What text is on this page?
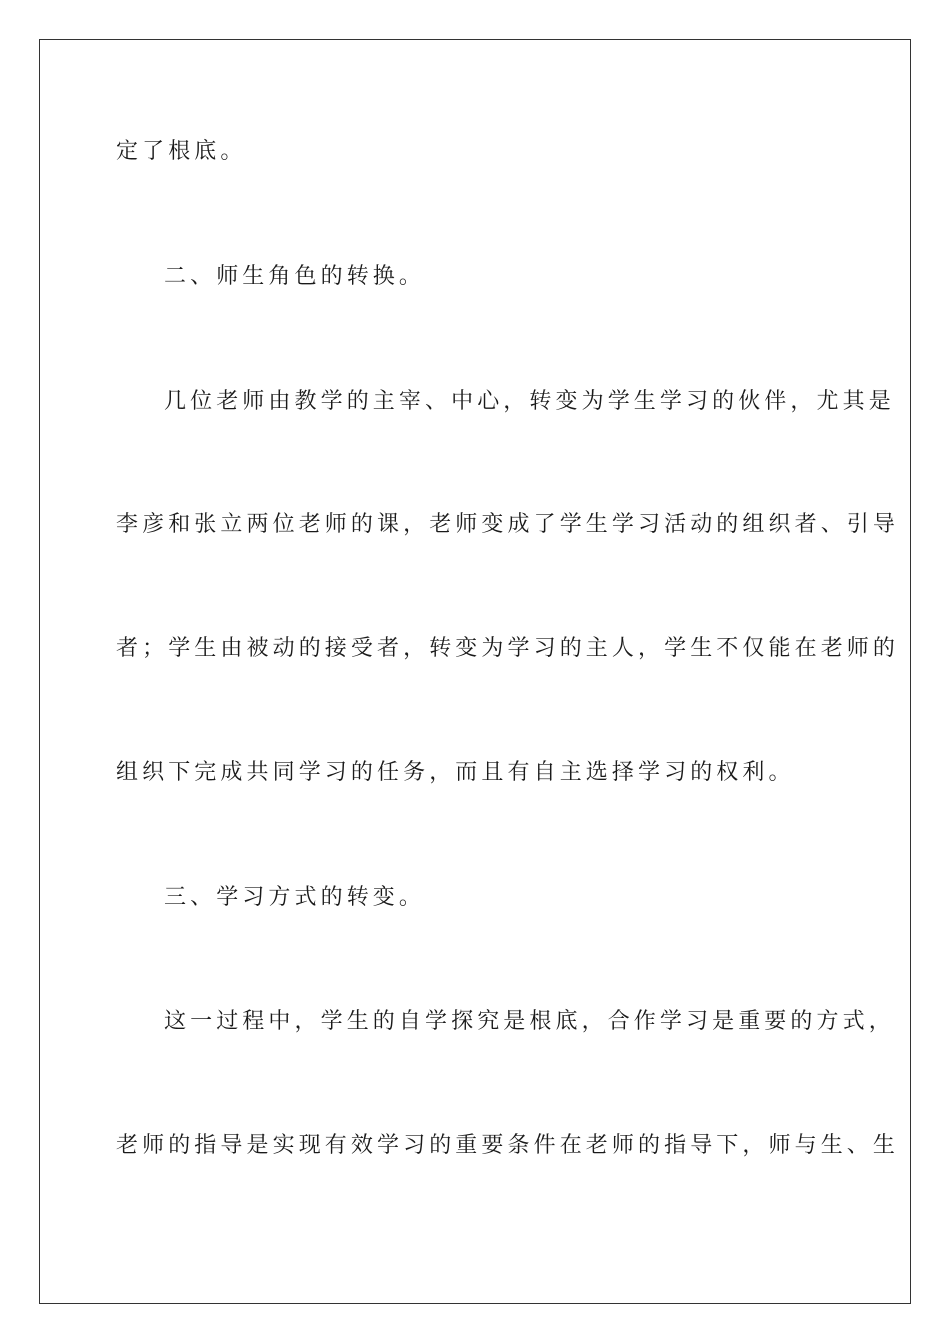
定了根底。
二、师生角色的转换。
几位老师由教学的主宰、中心，转变为学生学习的伙伴，尤其是
李彦和张立两位老师的课，老师变成了学生学习活动的组织者、引导
者；学生由被动的接受者，转变为学习的主人，学生不仅能在老师的
组织下完成共同学习的任务，而且有自主选择学习的权利。
三、学习方式的转变。
这一过程中，学生的自学探究是根底，合作学习是重要的方式，
老师的指导是实现有效学习的重要条件在老师的指导下，师与生、生
